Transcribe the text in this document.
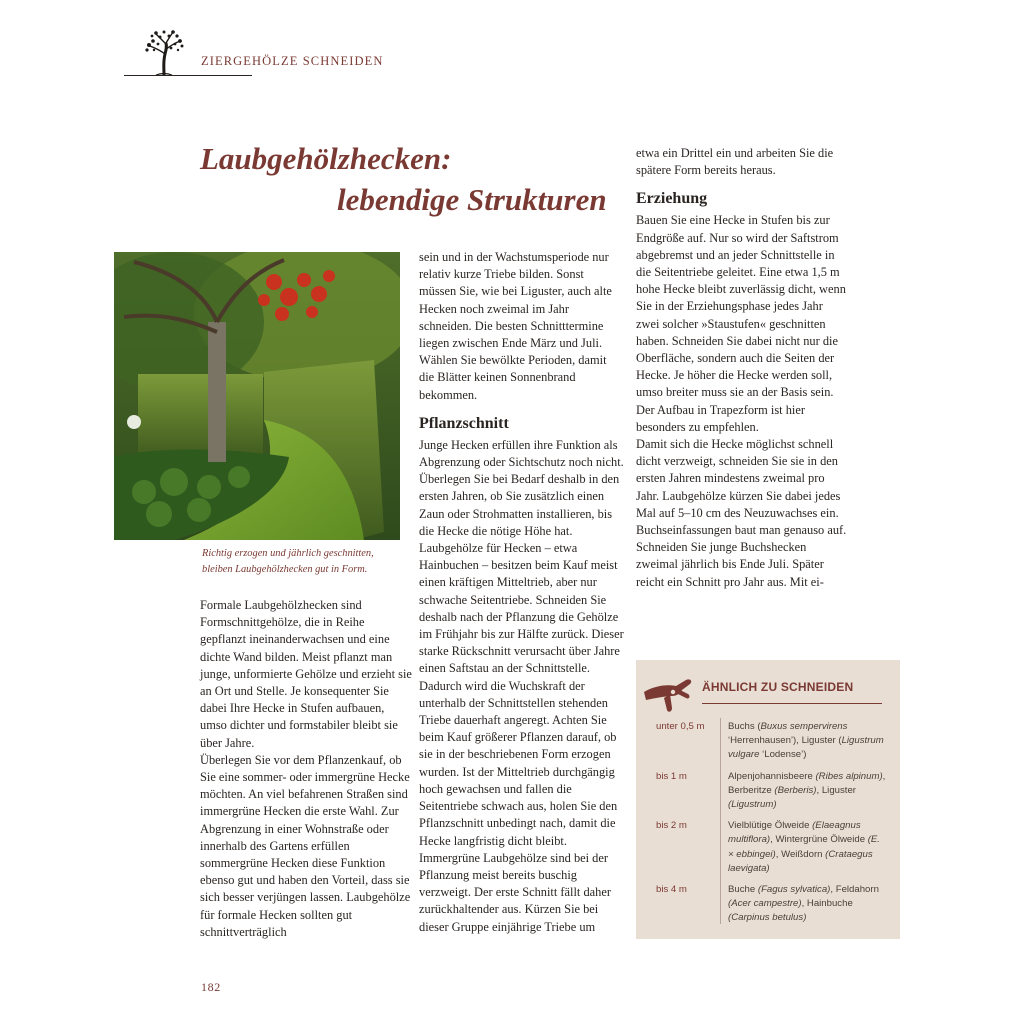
ZIERGEHÖLZE SCHNEIDEN
Laubgehölzhecken:
lebendige Strukturen
Richtig erzogen und jährlich geschnitten,
bleiben Laubgehölzhecken gut in Form.

Formale Laubgehölzhecken sind Formschnittgehölze, die in Reihe gepflanzt ineinanderwachsen und eine dichte Wand bilden. Meist pflanzt man junge, unformierte Gehölze und erzieht sie an Ort und Stelle. Je konsequenter Sie dabei Ihre Hecke in Stufen aufbauen, umso dichter und formstabiler bleibt sie über Jahre.

Überlegen Sie vor dem Pflanzenkauf, ob Sie eine sommer- oder immergrüne Hecke möchten. An viel befahrenen Straßen sind immergrüne Hecken die erste Wahl. Zur Abgrenzung in einer Wohnstraße oder innerhalb des Gartens erfüllen sommergrüne Hecken diese Funktion ebenso gut und haben den Vorteil, dass sie sich besser verjüngen lassen. Laubgehölze für formale Hecken sollten gut schnittverträglich

sein und in der Wachstumsperiode nur relativ kurze Triebe bilden. Sonst müssen Sie, wie bei Liguster, auch alte Hecken noch zweimal im Jahr schneiden. Die besten Schnitttermine liegen zwischen Ende März und Juli. Wählen Sie bewölkte Perioden, damit die Blätter keinen Sonnenbrand bekommen.

Pflanzschnitt

Junge Hecken erfüllen ihre Funktion als Abgrenzung oder Sichtschutz noch nicht. Überlegen Sie bei Bedarf deshalb in den ersten Jahren, ob Sie zusätzlich einen Zaun oder Strohmatten installieren, bis die Hecke die nötige Höhe hat. Laubgehölze für Hecken – etwa Hainbuchen – besitzen beim Kauf meist einen kräftigen Mitteltrieb, aber nur schwache Seitentriebe. Schneiden Sie deshalb nach der Pflanzung die Gehölze im Frühjahr bis zur Hälfte zurück. Dieser starke Rückschnitt verursacht über Jahre einen Saftstau an der Schnittstelle. Dadurch wird die Wuchskraft der unterhalb der Schnittstellen stehenden Triebe dauerhaft angeregt. Achten Sie beim Kauf größerer Pflanzen darauf, ob sie in der beschriebenen Form erzogen wurden. Ist der Mitteltrieb durchgängig hoch gewachsen und fallen die Seitentriebe schwach aus, holen Sie den Pflanzschnitt unbedingt nach, damit die Hecke langfristig dicht bleibt.

Immergrüne Laubgehölze sind bei der Pflanzung meist bereits buschig verzweigt. Der erste Schnitt fällt daher zurückhaltender aus. Kürzen Sie bei dieser Gruppe einjährige Triebe um

etwa ein Drittel ein und arbeiten Sie die spätere Form bereits heraus.

Erziehung

Bauen Sie eine Hecke in Stufen bis zur Endgröße auf. Nur so wird der Saftstrom abgebremst und an jeder Schnittstelle in die Seitentriebe geleitet. Eine etwa 1,5 m hohe Hecke bleibt zuverlässig dicht, wenn Sie in der Erziehungsphase jedes Jahr zwei solcher »Staustufen« geschnitten haben. Schneiden Sie dabei nicht nur die Oberfläche, sondern auch die Seiten der Hecke. Je höher die Hecke werden soll, umso breiter muss sie an der Basis sein. Der Aufbau in Trapezform ist hier besonders zu empfehlen.

Damit sich die Hecke möglichst schnell dicht verzweigt, schneiden Sie sie in den ersten Jahren mindestens zweimal pro Jahr. Laubgehölze kürzen Sie dabei jedes Mal auf 5–10 cm des Neuzuwachses ein.

Buchseinfassungen baut man genauso auf. Schneiden Sie junge Buchshecken zweimal jährlich bis Ende Juli. Später reicht ein Schnitt pro Jahr aus. Mit ei-

ÄHNLICH ZU SCHNEIDEN
unter 0,5 m	Buchs (Buxus sempervirens ‘Herrenhausen’), Liguster (Ligustrum vulgare ‘Lodense’)
bis 1 m	Alpenjohannisbeere (Ribes alpinum), Berberitze (Berberis), Liguster (Ligustrum)
bis 2 m	Vielblütige Ölweide (Elaeagnus multiflora), Wintergrüne Ölweide (E. × ebbingei), Weißdorn (Crataegus laevigata)
bis 4 m	Buche (Fagus sylvatica), Feldahorn (Acer campestre), Hainbuche (Carpinus betulus)
182
